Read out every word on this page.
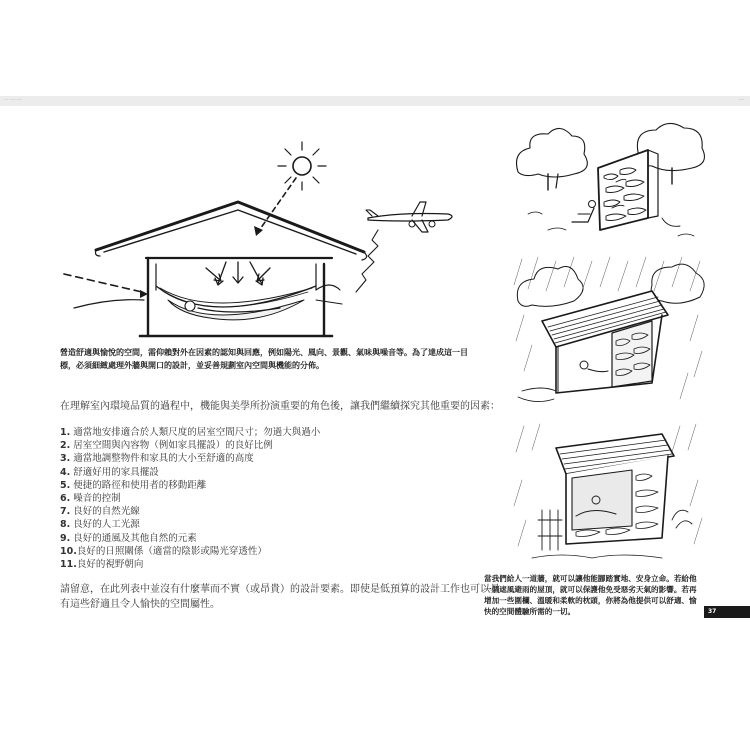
··· ··· ···	···
營造舒適與愉悅的空間，需仰賴對外在因素的認知與回應，例如陽光、風向、景觀、氣味與噪音等。為了達成這一目標，必須細緻處理外牆與開口的設計，並妥善規劃室內空間與機能的分佈。
在理解室內環境品質的過程中，機能與美學所扮演重要的角色後，讓我們繼續探究其他重要的因素：
1. 適當地安排適合於人類尺度的居室空間尺寸；勿過大與過小
2. 居室空間與內容物（例如家具擺設）的良好比例
3. 適當地調整物件和家具的大小至舒適的高度
4. 舒適好用的家具擺設
5. 便捷的路徑和使用者的移動距離
6. 噪音的控制
7. 良好的自然光線
8. 良好的人工光源
9. 良好的通風及其他自然的元素
10.良好的日照關係（適當的陰影或陽光穿透性）
11.良好的視野朝向
請留意，在此列表中並沒有什麼華而不實（或昂貴）的設計要素。即使是低預算的設計工作也可以具有這些舒適且令人愉快的空間屬性。
當我們給人一道牆，就可以讓他能腳踏實地、安身立命。若給他一個遮風避雨的屋頂，就可以保護他免受惡劣天氣的影響。若再增加一些圍欄、溫暖和柔軟的枕頭，你將為他提供可以舒適、愉快的空間體驗所需的一切。	37
